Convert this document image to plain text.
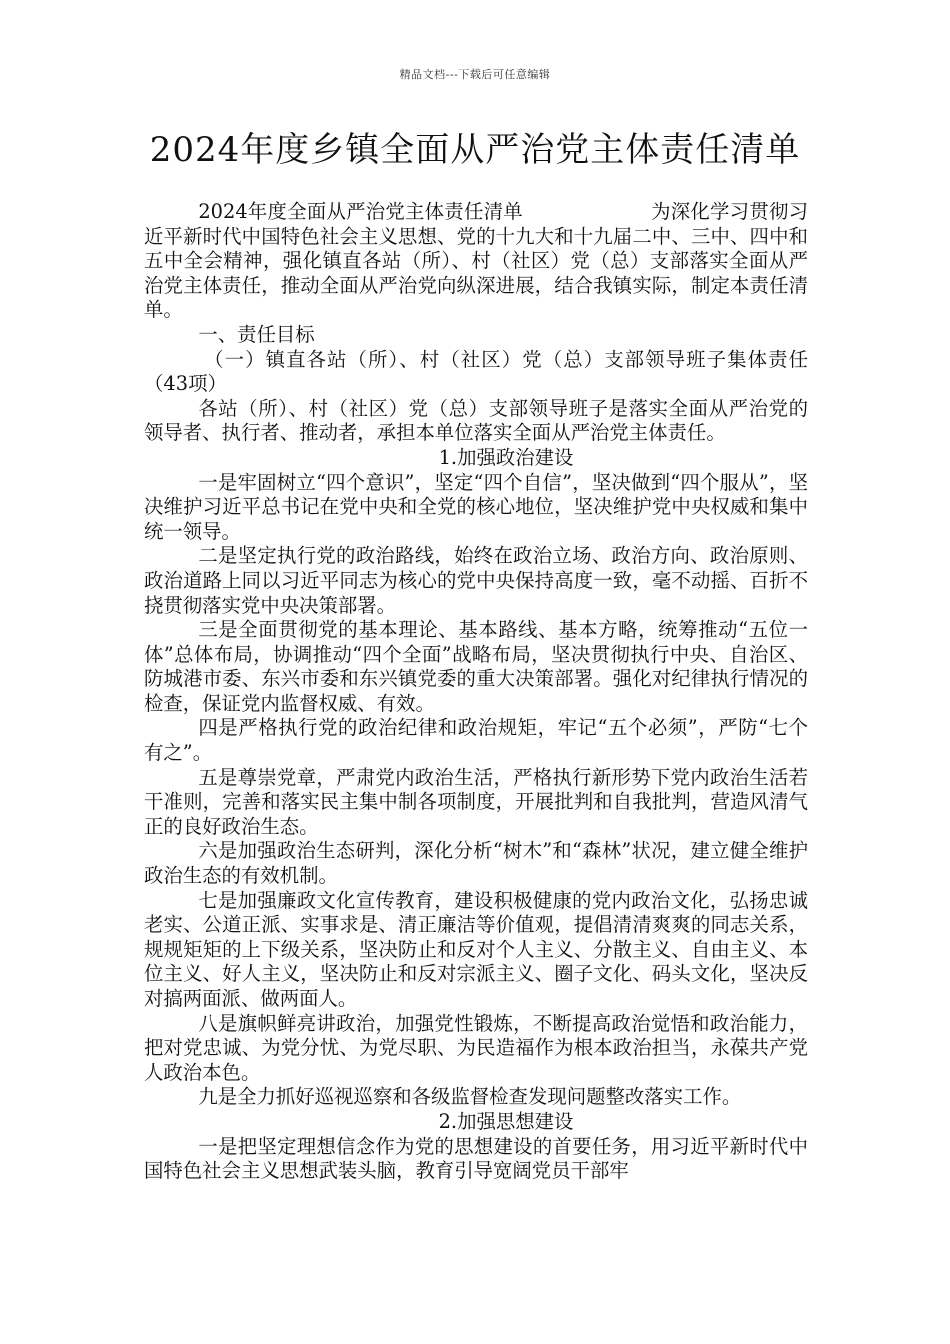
精品文档---下载后可任意编辑
2024年度乡镇全面从严治党主体责任清单

2024年度全面从严治党主体责任清单	为深化学习贯彻习近平新时代中国特色社会主义思想、党的十九大和十九届二中、三中、四中和五中全会精神，强化镇直各站（所）、村（社区）党（总）支部落实全面从严治党主体责任，推动全面从严治党向纵深进展，结合我镇实际，制定本责任清单。

一、责任目标

（一）镇直各站（所）、村（社区）党（总）支部领导班子集体责任（43项）

各站（所）、村（社区）党（总）支部领导班子是落实全面从严治党的领导者、执行者、推动者，承担本单位落实全面从严治党主体责任。

1.加强政治建设

一是牢固树立“四个意识”，坚定“四个自信”，坚决做到“四个服从”，坚决维护习近平总书记在党中央和全党的核心地位，坚决维护党中央权威和集中统一领导。

二是坚定执行党的政治路线，始终在政治立场、政治方向、政治原则、政治道路上同以习近平同志为核心的党中央保持高度一致，毫不动摇、百折不挠贯彻落实党中央决策部署。

三是全面贯彻党的基本理论、基本路线、基本方略，统筹推动“五位一体”总体布局，协调推动“四个全面”战略布局，坚决贯彻执行中央、自治区、防城港市委、东兴市委和东兴镇党委的重大决策部署。强化对纪律执行情况的检查，保证党内监督权威、有效。

四是严格执行党的政治纪律和政治规矩，牢记“五个必须”，严防“七个有之”。

五是尊崇党章，严肃党内政治生活，严格执行新形势下党内政治生活若干准则，完善和落实民主集中制各项制度，开展批判和自我批判，营造风清气正的良好政治生态。

六是加强政治生态研判，深化分析“树木”和“森林”状况，建立健全维护政治生态的有效机制。

七是加强廉政文化宣传教育，建设积极健康的党内政治文化，弘扬忠诚老实、公道正派、实事求是、清正廉洁等价值观，提倡清清爽爽的同志关系，规规矩矩的上下级关系，坚决防止和反对个人主义、分散主义、自由主义、本位主义、好人主义，坚决防止和反对宗派主义、圈子文化、码头文化，坚决反对搞两面派、做两面人。

八是旗帜鲜亮讲政治，加强党性锻炼，不断提高政治觉悟和政治能力，把对党忠诚、为党分忧、为党尽职、为民造福作为根本政治担当，永葆共产党人政治本色。

九是全力抓好巡视巡察和各级监督检查发现问题整改落实工作。

2.加强思想建设

一是把坚定理想信念作为党的思想建设的首要任务，用习近平新时代中国特色社会主义思想武装头脑，教育引导宽阔党员干部牢
